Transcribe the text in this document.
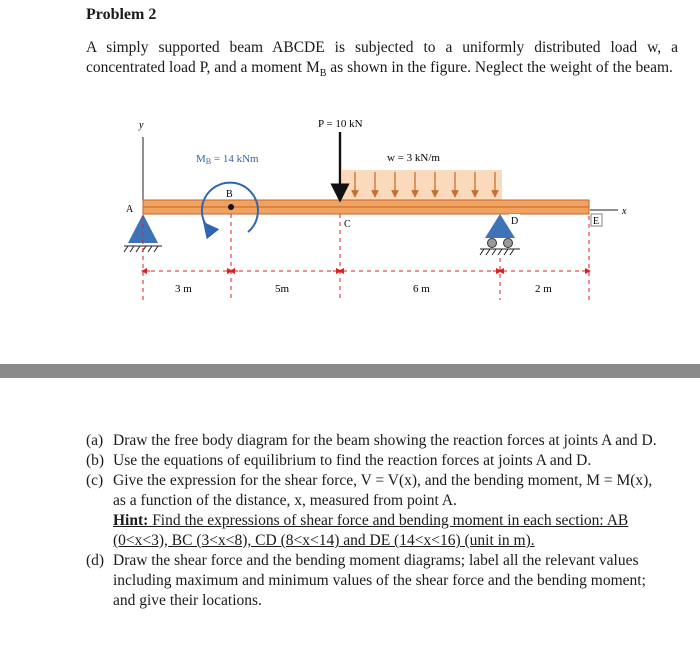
Problem 2
A simply supported beam ABCDE is subjected to a uniformly distributed load w, a concentrated load P, and a moment $M_B$ as shown in the figure. Neglect the weight of the beam.
y
x
w = 3 kN/m
P = 10 kN
MB = 14 kNm
B
A
C	D	E
3 m	5m	6 m	2 m
(a) Draw the free body diagram for the beam showing the reaction forces at joints A and D.
(b) Use the equations of equilibrium to find the reaction forces at joints A and D.
(c) Give the expression for the shear force, V = V(x), and the bending moment, M = M(x), as a function of the distance, x, measured from point A.
Hint: Find the expressions of shear force and bending moment in each section: AB (0<x<3), BC (3<x<8), CD (8<x<14) and DE (14<x<16) (unit in m).
(d) Draw the shear force and the bending moment diagrams; label all the relevant values including maximum and minimum values of the shear force and the bending moment; and give their locations.
